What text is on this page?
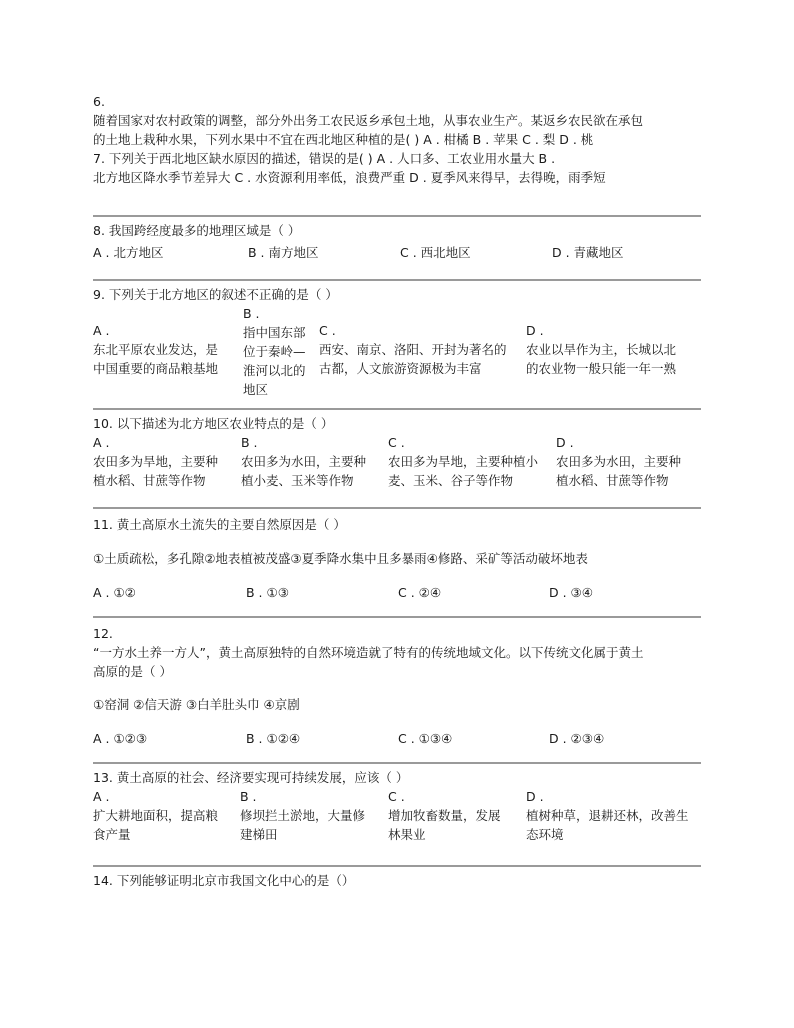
6.
随着国家对农村政策的调整，部分外出务工农民返乡承包土地，从事农业生产。某返乡农民欲在承包
的土地上栽种水果，下列水果中不宜在西北地区种植的是( ) A . 柑橘 B . 苹果 C . 梨 D . 桃
7. 下列关于西北地区缺水原因的描述，错误的是( ) A . 人口多、工农业用水量大 B .
北方地区降水季节差异大 C . 水资源利用率低，浪费严重 D . 夏季风来得早，去得晚，雨季短
8. 我国跨经度最多的地理区域是（ ）
A . 北方地区	B . 南方地区	C . 西北地区	D . 青藏地区
9. 下列关于北方地区的叙述不正确的是（ ）
A .
东北平原农业发达，是
中国重要的商品粮基地
B .
指中国东部
位于秦岭—
淮河以北的
地区
C .
西安、南京、洛阳、开封为著名的
古都，人文旅游资源极为丰富
D .
农业以旱作为主，长城以北
的农业物一般只能一年一熟
10. 以下描述为北方地区农业特点的是（ ）
A .
农田多为旱地，主要种
植水稻、甘蔗等作物
B .
农田多为水田，主要种
植小麦、玉米等作物
C .
农田多为旱地，主要种植小
麦、玉米、谷子等作物
D .
农田多为水田，主要种
植水稻、甘蔗等作物
11. 黄土高原水土流失的主要自然原因是（ ）
①土质疏松，多孔隙②地表植被茂盛③夏季降水集中且多暴雨④修路、采矿等活动破坏地表
A . ①②	B . ①③	C . ②④	D . ③④
12.
“一方水土养一方人”，黄土高原独特的自然环境造就了特有的传统地域文化。以下传统文化属于黄土
高原的是（ ）
①窑洞 ②信天游 ③白羊肚头巾 ④京剧
A . ①②③	B . ①②④	C . ①③④	D . ②③④
13. 黄土高原的社会、经济要实现可持续发展，应该（ ）
A .
扩大耕地面积，提高粮
食产量
B .
修坝拦土淤地，大量修
建梯田
C .
增加牧畜数量，发展
林果业
D .
植树种草，退耕还林，改善生
态环境
14. 下列能够证明北京市我国文化中心的是（）
